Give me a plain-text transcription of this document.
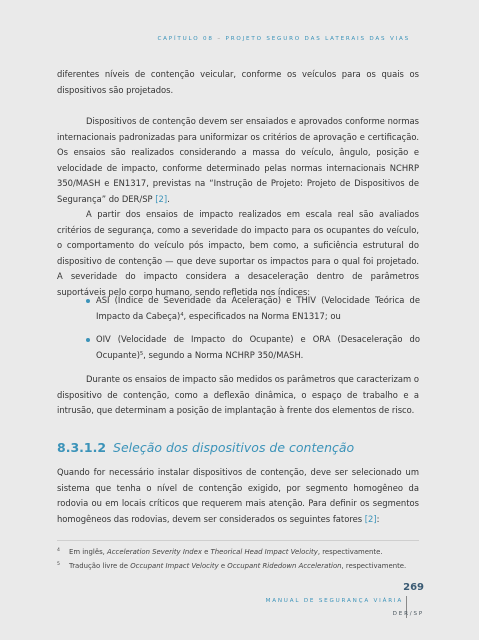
CAPÍTULO 08 – PROJETO SEGURO DAS LATERAIS DAS VIAS

diferentes níveis de contenção veicular, conforme os veículos para os quais os dispositivos são projetados.

Dispositivos de contenção devem ser ensaiados e aprovados conforme normas internacionais padronizadas para uniformizar os critérios de aprovação e certificação. Os ensaios são realizados considerando a massa do veículo, ângulo, posição e velocidade de impacto, conforme determinado pelas normas internacionais NCHRP 350/MASH e EN1317, previstas na “Instrução de Projeto: Projeto de Dispositivos de Segurança” do DER/SP [2].

A partir dos ensaios de impacto realizados em escala real são avaliados critérios de segurança, como a severidade do impacto para os ocupantes do veículo, o comportamento do veículo pós impacto, bem como, a suficiência estrutural do dispositivo de contenção — que deve suportar os impactos para o qual foi projetado. A severidade do impacto considera a desaceleração dentro de parâmetros suportáveis pelo corpo humano, sendo refletida nos índices:

ASI (Índice de Severidade da Aceleração) e THIV (Velocidade Teórica de Impacto da Cabeça)$^4$, especificados na Norma EN1317; ou
OIV (Velocidade de Impacto do Ocupante) e ORA (Desaceleração do Ocupante)$^5$, segundo a Norma NCHRP 350/MASH.

Durante os ensaios de impacto são medidos os parâmetros que caracterizam o dispositivo de contenção, como a deflexão dinâmica, o espaço de trabalho e a intrusão, que determinam a posição de implantação à frente dos elementos de risco.

8.3.1.2 Seleção dos dispositivos de contenção

Quando for necessário instalar dispositivos de contenção, deve ser selecionado um sistema que tenha o nível de contenção exigido, por segmento homogêneo da rodovia ou em locais críticos que requerem mais atenção. Para definir os segmentos homogêneos das rodovias, devem ser considerados os seguintes fatores [2]:

4 Em inglês, Acceleration Severity Index e Theorical Head Impact Velocity, respectivamente.
5 Tradução livre de Occupant Impact Velocity e Occupant Ridedown Acceleration, respectivamente.
269
MANUAL DE SEGURANÇA VIÁRIA
DER/SP
